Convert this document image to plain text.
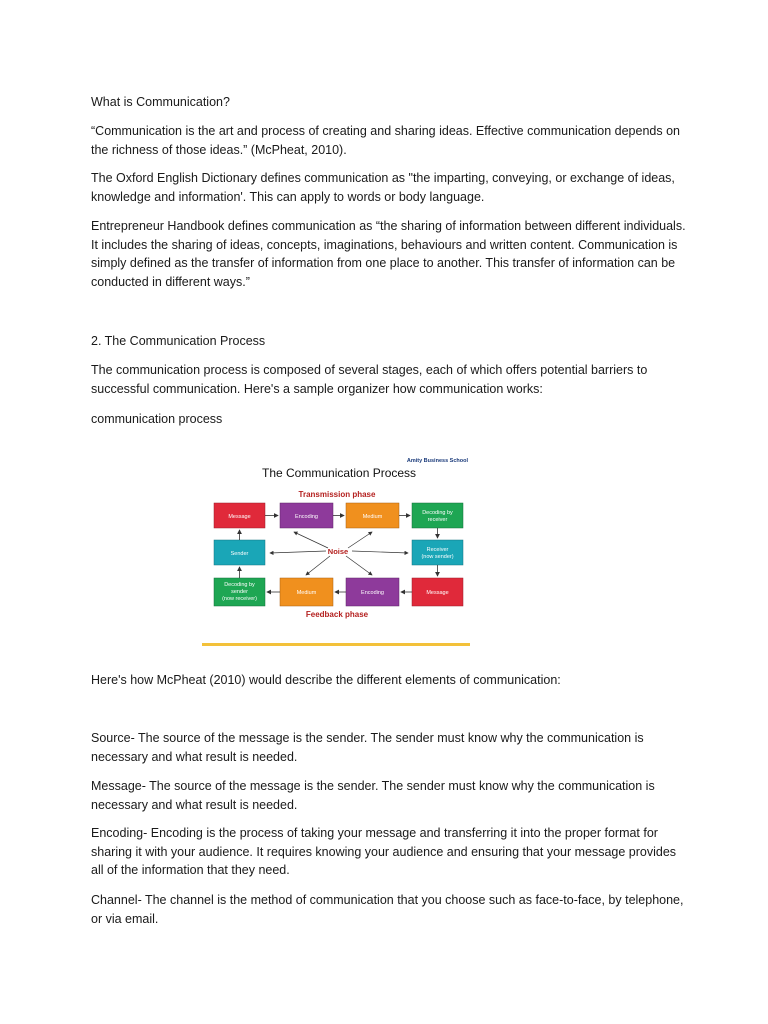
What is Communication?

“Communication is the art and process of creating and sharing ideas. Effective communication depends on the richness of those ideas.” (McPheat, 2010).

The Oxford English Dictionary defines communication as "the imparting, conveying, or exchange of ideas, knowledge and information'. This can apply to words or body language.

Entrepreneur Handbook defines communication as “the sharing of information between different individuals. It includes the sharing of ideas, concepts, imaginations, behaviours and written content. Communication is simply defined as the transfer of information from one place to another. This transfer of information can be conducted in different ways.”

2. The Communication Process

The communication process is composed of several stages, each of which offers potential barriers to successful communication. Here's a sample organizer how communication works:

communication process

Amity Business School
The Communication Process
Transmission phase
Message	Encoding	Medium
Decoding by
receiver
Sender
Receiver
(now sender)
Noise
Decoding by
sender
(now receiver)
Medium	Encoding	Message
Feedback phase

Here's how McPheat (2010) would describe the different elements of communication:

Source- The source of the message is the sender. The sender must know why the communication is necessary and what result is needed.

Message- The source of the message is the sender. The sender must know why the communication is necessary and what result is needed.

Encoding- Encoding is the process of taking your message and transferring it into the proper format for sharing it with your audience. It requires knowing your audience and ensuring that your message provides all of the information that they need.

Channel- The channel is the method of communication that you choose such as face-to-face, by telephone, or via email.
